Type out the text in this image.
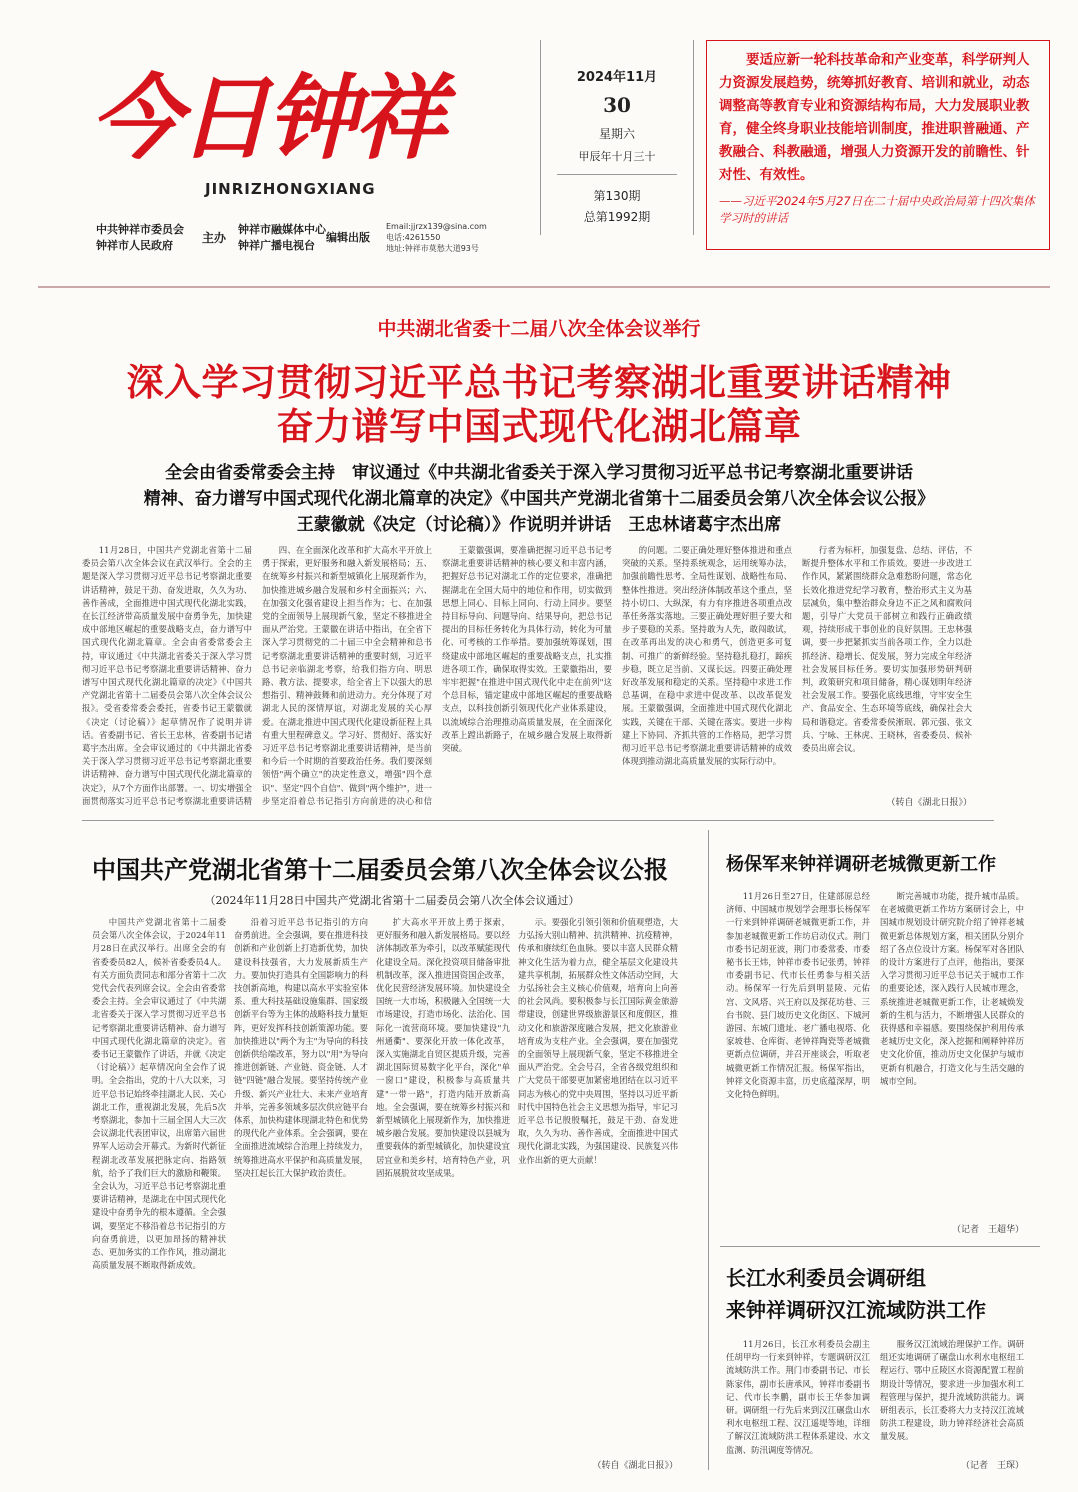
今日钟祥
JINRIZHONGXIANG
中共钟祥市委员会
钟祥市人民政府
主办
钟祥市融媒体中心
钟祥广播电视台
编辑出版
Email:jjrzx139@sina.com
电话:4261550
地址:钟祥市莫愁大道93号
2024年11月
30
星期六
甲辰年十月三十
第130期
总第1992期
要适应新一轮科技革命和产业变革，科学研判人力资源发展趋势，统筹抓好教育、培训和就业，动态调整高等教育专业和资源结构布局，大力发展职业教育，健全终身职业技能培训制度，推进职普融通、产教融合、科教融通，增强人力资源开发的前瞻性、针对性、有效性。
——习近平2024年5月27日在二十届中央政治局第十四次集体学习时的讲话
中共湖北省委十二届八次全体会议举行
深入学习贯彻习近平总书记考察湖北重要讲话精神
奋力谱写中国式现代化湖北篇章
全会由省委常委会主持　审议通过《中共湖北省委关于深入学习贯彻习近平总书记考察湖北重要讲话
精神、奋力谱写中国式现代化湖北篇章的决定》《中国共产党湖北省第十二届委员会第八次全体会议公报》
王蒙徽就《决定（讨论稿）》作说明并讲话　王忠林诸葛宇杰出席

11月28日，中国共产党湖北省第十二届委员会第八次全体会议在武汉举行。全会的主题是深入学习贯彻习近平总书记考察湖北重要讲话精神，鼓足干劲、奋发进取，久久为功、善作善成，全面推进中国式现代化湖北实践，在长江经济带高质量发展中奋勇争先，加快建成中部地区崛起的重要战略支点，奋力谱写中国式现代化湖北篇章。全会由省委常委会主持，审议通过《中共湖北省委关于深入学习贯彻习近平总书记考察湖北重要讲话精神、奋力谱写中国式现代化湖北篇章的决定》《中国共产党湖北省第十二届委员会第八次全体会议公报》。受省委常委会委托，省委书记王蒙徽就《决定（讨论稿）》起草情况作了说明并讲话。省委副书记、省长王忠林，省委副书记诸葛宇杰出席。全会审议通过的《中共湖北省委关于深入学习贯彻习近平总书记考察湖北重要讲话精神、奋力谱写中国式现代化湖北篇章的决定》，从7个方面作出部署。一、切实增强全面贯彻落实习近平总书记考察湖北重要讲话精

四、在全面深化改革和扩大高水平开放上勇于探索，更好服务和融入新发展格局；五、在统筹乡村振兴和新型城镇化上展现新作为，加快推进城乡融合发展和乡村全面振兴；六、在加强文化强省建设上担当作为；七、在加强党的全面领导上展现新气象，坚定不移推进全面从严治党。王蒙徽在讲话中指出，在全省下深入学习贯彻党的二十届三中全会精神和总书记考察湖北重要讲话精神的重要时刻，习近平总书记亲临湖北考察，给我们指方向、明思路、教方法、提要求，给全省上下以强大的思想指引、精神鼓舞和前进动力。充分体现了对湖北人民的深情厚谊，对湖北发展的关心厚爱。在湖北推进中国式现代化建设新征程上具有重大里程碑意义。学习好、贯彻好、落实好习近平总书记考察湖北重要讲话精神，是当前和今后一个时期的首要政治任务。我们要深刻领悟"两个确立"的决定性意义，增强"四个意识"、坚定"四个自信"、做到"两个维护"，进一步坚定沿着总书记指引方向前进的决心和信

王蒙徽强调，要准确把握习近平总书记考察湖北重要讲话精神的核心要义和丰富内涵，把握好总书记对湖北工作的定位要求，准确把握湖北在全国大局中的地位和作用，切实做到思想上同心、目标上同向、行动上同步。要坚持目标导向、问题导向、结果导向，把总书记提出的目标任务转化为具体行动，转化为可量化、可考核的工作举措。要加强统筹谋划，围绕建成中部地区崛起的重要战略支点，扎实推进各项工作，确保取得实效。王蒙徽指出，要牢牢把握"在推进中国式现代化中走在前列"这个总目标，锚定建成中部地区崛起的重要战略支点，以科技创新引领现代化产业体系建设，以流域综合治理推动高质量发展，在全面深化改革上蹚出新路子，在城乡融合发展上取得新突破。

的问题。二要正确处理好整体推进和重点突破的关系。坚持系统观念，运用统筹办法，加强前瞻性思考、全局性谋划、战略性布局、整体性推进。突出经济体制改革这个重点，坚持小切口、大纵深，有力有序推进各项重点改革任务落实落地。三要正确处理好胆子要大和步子要稳的关系。坚持敢为人先，敢闯敢试，在改革再出发的决心和勇气，创造更多可复制、可推广的新鲜经验。坚持稳扎稳打，蹄疾步稳，既立足当前、又谋长远。四要正确处理好改革发展和稳定的关系。坚持稳中求进工作总基调，在稳中求进中促改革、以改革促发展。王蒙徽强调，全面推进中国式现代化湖北实践，关键在干部、关键在落实。要进一步构建上下协同、齐抓共管的工作格局，把学习贯彻习近平总书记考察湖北重要讲话精神的成效体现到推动湖北高质量发展的实际行动中。

行者为标杆，加强复盘、总结、评估，不断提升整体水平和工作质效。要进一步改进工作作风，紧紧围绕群众急难愁盼问题，常态化长效化推进党纪学习教育，整治形式主义为基层减负，集中整治群众身边不正之风和腐败问题，引导广大党员干部树立和践行正确政绩观，持续形成干事创业的良好氛围。王忠林强调，要一步把紧抓实当前各项工作，全力以赴抓经济、稳增长、促发展，努力完成全年经济社会发展目标任务。要切实加强形势研判研判，政策研究和项目储备，精心谋划明年经济社会发展工作。要强化底线思维，守牢安全生产、食品安全、生态环境等底线，确保社会大局和谐稳定。省委常委侯淅珉、郭元强、张文兵、宁咏、王林虎、王晓林，省委委员、候补委员出席会议。

（转自《湖北日报》）
中国共产党湖北省第十二届委员会第八次全体会议公报
（2024年11月28日中国共产党湖北省第十二届委员会第八次全体会议通过）

中国共产党湖北省第十二届委员会第八次全体会议，于2024年11月28日在武汉举行。出席全会的有省委委员82人，候补省委委员4人。有关方面负责同志和部分省第十二次党代会代表列席会议。全会由省委常委会主持。全会审议通过了《中共湖北省委关于深入学习贯彻习近平总书记考察湖北重要讲话精神、奋力谱写中国式现代化湖北篇章的决定》。省委书记王蒙徽作了讲话，并就《决定（讨论稿）》起草情况向全会作了说明。全会指出，党的十八大以来，习近平总书记始终牵挂湖北人民、关心湖北工作，重视湖北发展，先后5次考察湖北，参加十三届全国人大三次会议湖北代表团审议，出席第六届世界军人运动会开幕式。为新时代新征程湖北改革发展把脉定向、指路领航，给予了我们巨大的激励和鞭策。全会认为，习近平总书记考察湖北重要讲话精神，是湖北在中国式现代化建设中奋勇争先的根本遵循。全会强调，要坚定不移沿着总书记指引的方向奋勇前进，以更加昂扬的精神状态、更加务实的工作作风，推动湖北高质量发展不断取得新成效。

沿着习近平总书记指引的方向奋勇前进。全会强调，要在推进科技创新和产业创新上打造新优势，加快建设科技强省，大力发展新质生产力。要加快打造具有全国影响力的科技创新高地，构建以高水平实验室体系、重大科技基础设施集群、国家级创新平台等为主体的战略科技力量矩阵，更好发挥科技创新策源功能。要加快推进以"两个为主"为导向的科技创新供给端改革，努力以"用"为导向推进创新链、产业链、资金链、人才链"四链"融合发展。要坚持传统产业升级、新兴产业壮大、未来产业培育并举，完善多领域多层次供应链平台体系，加快构建体现湖北特色和优势的现代化产业体系。全会强调，要在全面推进流域综合治理上持续发力，统筹推进高水平保护和高质量发展，坚决扛起长江大保护政治责任。

扩大高水平开放上勇于探索，更好服务和融入新发展格局。要以经济体制改革为牵引，以改革赋能现代化建设全局。深化投资项目储备审批机制改革，深入推进国资国企改革，优化民营经济发展环境。加快建设全国统一大市场，积极融入全国统一大市场建设，打造市场化、法治化、国际化一流营商环境。要加快建设"九州通衢"、要深化开放一体化改革，深入实施湖北自贸区提质升级，完善湖北国际贸易数字化平台，深化"单一窗口"建设，积极参与高质量共建"一带一路"，打造内陆开放新高地。全会强调，要在统筹乡村振兴和新型城镇化上展现新作为，加快推进城乡融合发展。要加快建设以县城为重要载体的新型城镇化，加快建设宜居宜业和美乡村，培育特色产业，巩固拓展脱贫攻坚成果。

示。要强化引领引领和价值观塑造，大力弘扬大别山精神、抗洪精神、抗疫精神，传承和赓续红色血脉。要以丰富人民群众精神文化生活为着力点，健全基层文化建设共建共享机制，拓展群众性文体活动空间，大力弘扬社会主义核心价值观，培育向上向善的社会风尚。要积极参与长江国际黄金旅游带建设，创建世界级旅游景区和度假区，推动文化和旅游深度融合发展，把文化旅游业培育成为支柱产业。全会强调，要在加强党的全面领导上展现新气象，坚定不移推进全面从严治党。全会号召，全省各级党组织和广大党员干部要更加紧密地团结在以习近平同志为核心的党中央周围，坚持以习近平新时代中国特色社会主义思想为指导，牢记习近平总书记殷殷嘱托，鼓足干劲、奋发进取，久久为功、善作善成，全面推进中国式现代化湖北实践，为强国建设、民族复兴伟业作出新的更大贡献！

（转自《湖北日报》）
杨保军来钟祥调研老城微更新工作

11月26日至27日，住建部原总经济师、中国城市规划学会理事长杨保军一行来到钟祥调研老城微更新工作，并参加老城微更新工作坊启动仪式。荆门市委书记胡亚波，荆门市委常委、市委秘书长王炜，钟祥市委书记张勇，钟祥市委副书记、代市长任勇参与相关活动。杨保军一行先后到明显陵、元佑宫、文风塔、兴王府以及探花坊巷、三台书院、县门坡历史文化街区、下城河游园、东城门遗址、老广播电视塔、化家坡巷、仓库街、老钟祥陶瓷等老城微更新点位调研，并召开座谈会，听取老城微更新工作情况汇报。杨保军指出，钟祥文化资源丰富，历史底蕴深厚，明文化特色鲜明。

断完善城市功能，提升城市品质。在老城微更新工作坊方案研讨会上，中国城市规划设计研究院介绍了钟祥老城微更新总体规划方案，相关团队分别介绍了各点位设计方案。杨保军对各团队的设计方案进行了点评，他指出，要深入学习贯彻习近平总书记关于城市工作的重要论述，深入践行人民城市理念，系统推进老城微更新工作，让老城焕发新的生机与活力，不断增强人民群众的获得感和幸福感。要围绕保护利用传承老城历史文化，深入挖掘和阐释钟祥历史文化价值，推动历史文化保护与城市更新有机融合，打造文化与生活交融的城市空间。

（记者　王超华）
长江水利委员会调研组
来钟祥调研汉江流域防洪工作

11月26日，长江水利委员会副主任胡甲均一行来到钟祥，专题调研汉江流域防洪工作。荆门市委副书记、市长陈家伟，副市长唐承风，钟祥市委副书记、代市长李鹏，副市长王华参加调研。调研组一行先后来到汉江碾盘山水利水电枢纽工程、汉江遥堤等地，详细了解汉江流域防洪工程体系建设、水文监测、防汛调度等情况。

服务汉江流域治理保护工作。调研组还实地调研了碾盘山水利水电枢纽工程运行、鄂中丘陵区水资源配置工程前期设计等情况，要求进一步加强水利工程管理与保护，提升流域防洪能力。调研组表示，长江委将大力支持汉江流域防洪工程建设，助力钟祥经济社会高质量发展。

（记者　王琛）
